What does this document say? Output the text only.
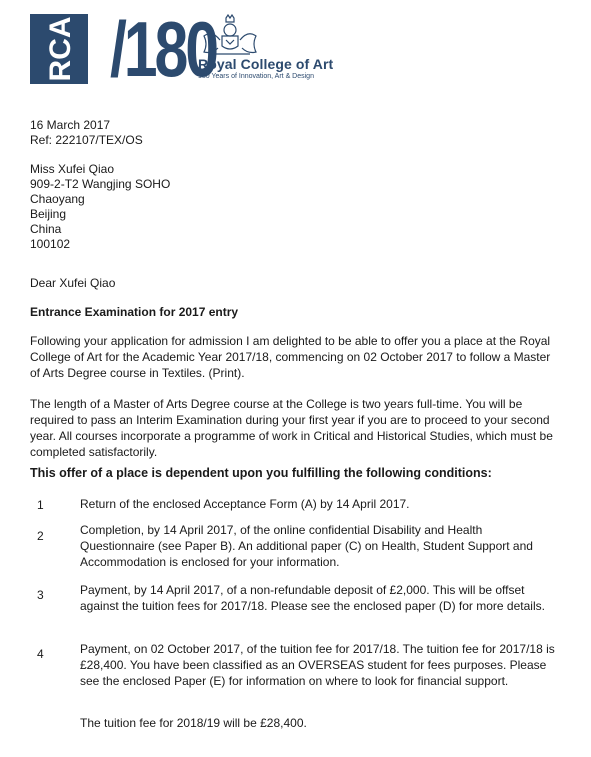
RCA /180
Royal College of Art
180 Years of Innovation, Art & Design
16 March 2017
Ref: 222107/TEX/OS
Miss Xufei Qiao
909-2-T2 Wangjing SOHO
Chaoyang
Beijing
China
100102
Dear Xufei Qiao
Entrance Examination for 2017 entry
Following your application for admission I am delighted to be able to offer you a place at the Royal College of Art for the Academic Year 2017/18, commencing on 02 October 2017 to follow a Master of Arts Degree course in Textiles. (Print).
The length of a Master of Arts Degree course at the College is two years full-time. You will be required to pass an Interim Examination during your first year if you are to proceed to your second year. All courses incorporate a programme of work in Critical and Historical Studies, which must be completed satisfactorily.
This offer of a place is dependent upon you fulfilling the following conditions:
1	Return of the enclosed Acceptance Form (A) by 14 April 2017.
2	Completion, by 14 April 2017, of the online confidential Disability and Health Questionnaire (see Paper B). An additional paper (C) on Health, Student Support and Accommodation is enclosed for your information.
3	Payment, by 14 April 2017, of a non-refundable deposit of £2,000. This will be offset against the tuition fees for 2017/18. Please see the enclosed paper (D) for more details.
4	Payment, on 02 October 2017, of the tuition fee for 2017/18. The tuition fee for 2017/18 is £28,400. You have been classified as an OVERSEAS student for fees purposes. Please see the enclosed Paper (E) for information on where to look for financial support.
The tuition fee for 2018/19 will be £28,400.
